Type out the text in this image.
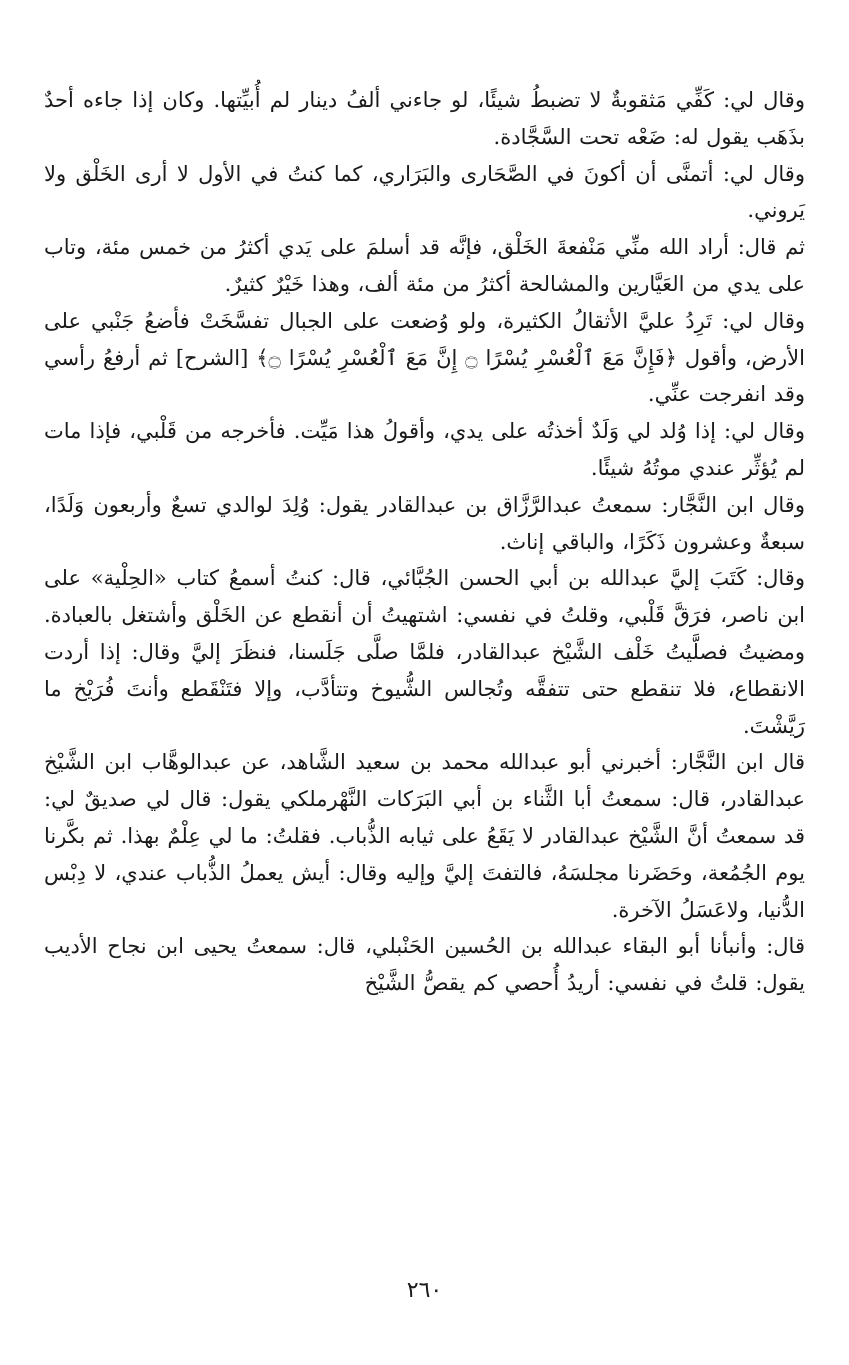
وقال لي: كَفِّي مَثقوبةٌ لا تضبطُ شيئًا، لو جاءني ألفُ دينار لم أُبيِّتها. وكان إذا جاءه أحدٌ بذَهَب يقول له: ضَعْه تحت السَّجَّادة.

وقال لي: أتمنَّى أن أكونَ في الصَّحَارى والبَرَاري، كما كنتُ في الأول لا أرى الخَلْق ولا يَروني.

ثم قال: أراد الله منِّي مَنْفعةَ الخَلْق، فإنَّه قد أسلمَ على يَدي أكثرُ من خمس مئة، وتاب على يدي من العَيَّارين والمشالحة أكثرُ من مئة ألف، وهذا خَيْرٌ كثيرٌ.

وقال لي: تَرِدُ عليَّ الأثقالُ الكثيرة، ولو وُضعت على الجبال تفسَّخَتْ فأضعُ جَنْبي على الأرض، وأقول ﴿فَإِنَّ مَعَ ٱلْعُسْرِ يُسْرًا ۝ إِنَّ مَعَ ٱلْعُسْرِ يُسْرًا ۝﴾ [الشرح] ثم أرفعُ رأسي وقد انفرجت عنِّي.

وقال لي: إذا وُلد لي وَلَدٌ أخذتُه على يدي، وأقولُ هذا مَيِّت. فأخرجه من قَلْبي، فإذا مات لم يُؤثِّر عندي موتُهُ شيئًا.

وقال ابن النَّجَّار: سمعتُ عبدالرَّزَّاق بن عبدالقادر يقول: وُلِدَ لوالدي تسعٌ وأربعون وَلَدًا، سبعةٌ وعشرون ذَكَرًا، والباقي إناث.

وقال: كَتَبَ إليَّ عبدالله بن أبي الحسن الجُبَّائي، قال: كنتُ أسمعُ كتاب «الحِلْية» على ابن ناصر، فرَقَّ قَلْبي، وقلتُ في نفسي: اشتهيتُ أن أنقطع عن الخَلْق وأشتغل بالعبادة. ومضيتُ فصلَّيتُ خَلْف الشَّيْخ عبدالقادر، فلمَّا صلَّى جَلَسنا، فنظَرَ إليَّ وقال: إذا أردت الانقطاع، فلا تنقطع حتى تتفقَّه وتُجالس الشُّيوخ وتتأدَّب، وإلا فتَنْقَطع وأنتَ فُرَيْخ ما رَيَّشْتَ.

قال ابن النَّجَّار: أخبرني أبو عبدالله محمد بن سعيد الشَّاهد، عن عبدالوهَّاب ابن الشَّيْخ عبدالقادر، قال: سمعتُ أبا الثَّناء بن أبي البَرَكات النَّهْرملكي يقول: قال لي صديقٌ لي: قد سمعتُ أنَّ الشَّيْخ عبدالقادر لا يَقَعُ على ثيابه الذُّباب. فقلتُ: ما لي عِلْمٌ بهذا. ثم بكَّرنا يوم الجُمُعة، وحَضَرنا مجلسَهُ، فالتفتَ إليَّ وإليه وقال: أيش يعملُ الذُّباب عندي، لا دِبْس الدُّنيا، ولاعَسَلُ الآخرة.

قال: وأنبأنا أبو البقاء عبدالله بن الحُسين الحَنْبلي، قال: سمعتُ يحيى ابن نجاح الأديب يقول: قلتُ في نفسي: أريدُ أُحصي كم يقصُّ الشَّيْخ

٢٦٠
